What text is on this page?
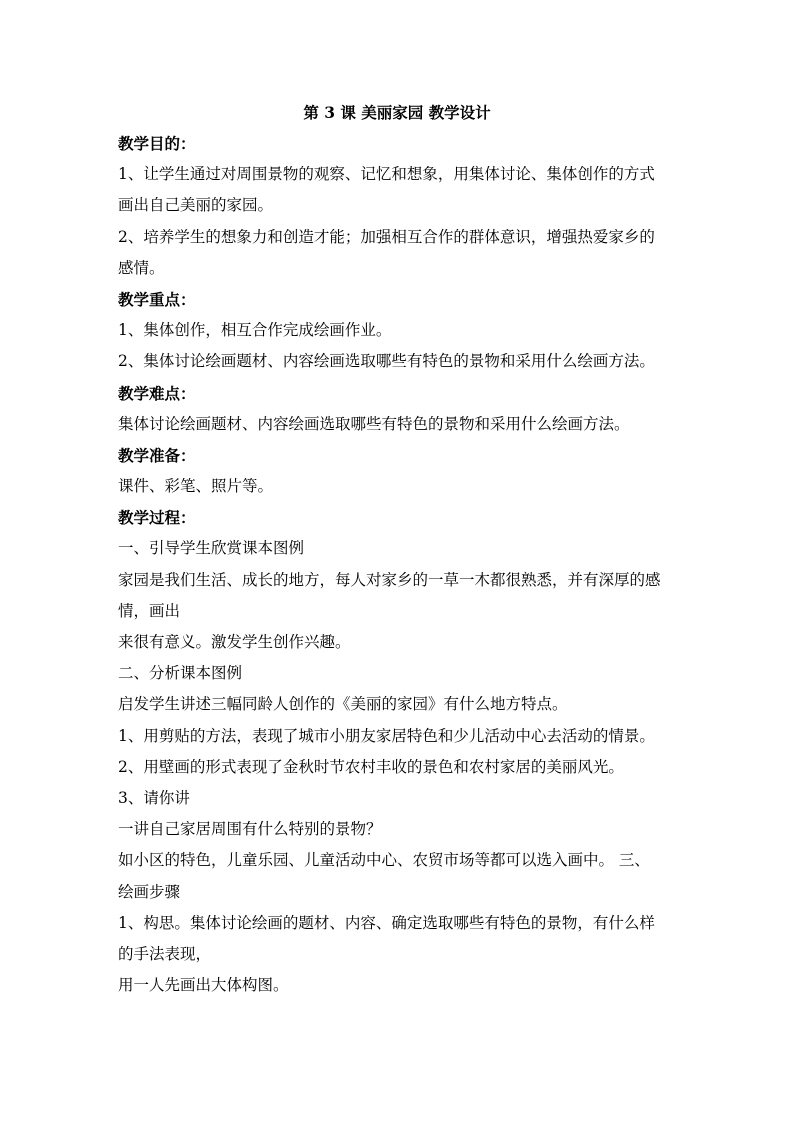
第 3 课 美丽家园 教学设计
教学目的：
1、让学生通过对周围景物的观察、记忆和想象，用集体讨论、集体创作的方式
画出自己美丽的家园。
2、培养学生的想象力和创造才能；加强相互合作的群体意识，增强热爱家乡的
感情。
教学重点：
1、集体创作，相互合作完成绘画作业。
2、集体讨论绘画题材、内容绘画选取哪些有特色的景物和采用什么绘画方法。
教学难点：
集体讨论绘画题材、内容绘画选取哪些有特色的景物和采用什么绘画方法。
教学准备：
课件、彩笔、照片等。
教学过程：
一、引导学生欣赏课本图例
家园是我们生活、成长的地方，每人对家乡的一草一木都很熟悉，并有深厚的感
情，画出
来很有意义。激发学生创作兴趣。
二、分析课本图例
启发学生讲述三幅同龄人创作的《美丽的家园》有什么地方特点。
1、用剪贴的方法，表现了城市小朋友家居特色和少儿活动中心去活动的情景。
2、用壁画的形式表现了金秋时节农村丰收的景色和农村家居的美丽风光。
3、请你讲
一讲自己家居周围有什么特别的景物？
如小区的特色，儿童乐园、儿童活动中心、农贸市场等都可以选入画中。 三、
绘画步骤
1、构思。集体讨论绘画的题材、内容、确定选取哪些有特色的景物，有什么样
的手法表现，
用一人先画出大体构图。
